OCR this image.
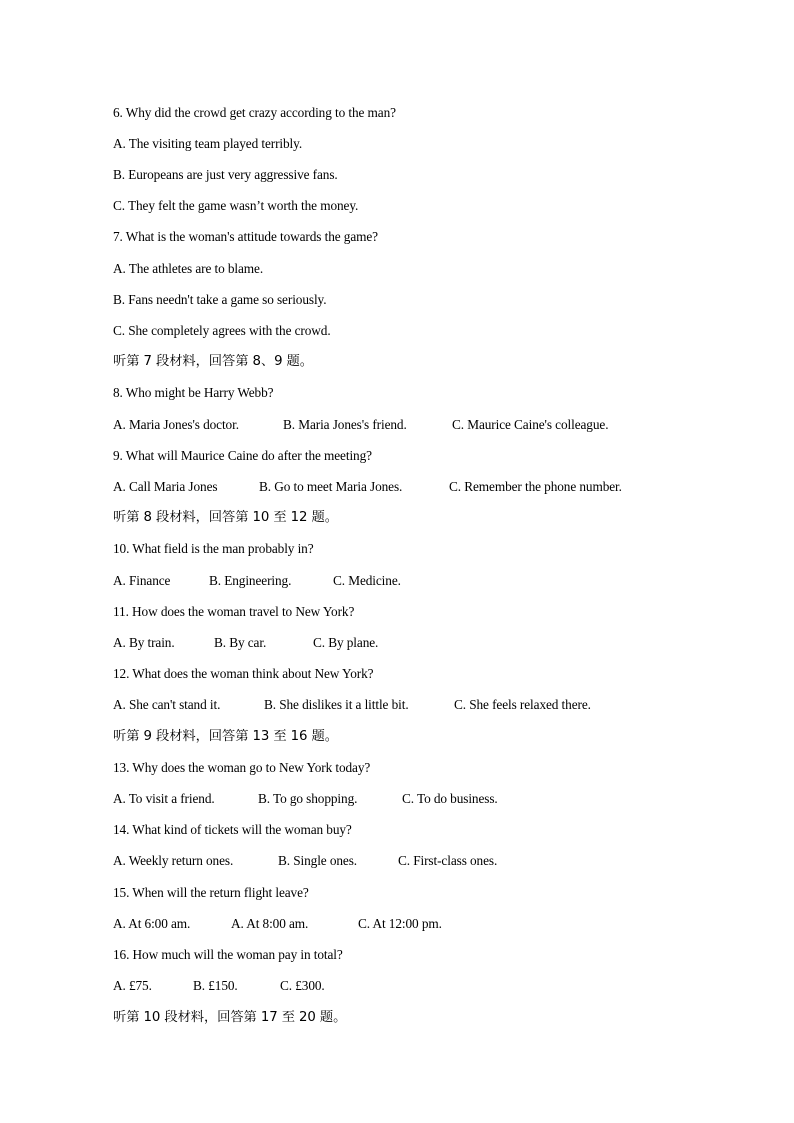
6. Why did the crowd get crazy according to the man?
A. The visiting team played terribly.
B. Europeans are just very aggressive fans.
C. They felt the game wasn’t worth the money.
7. What is the woman's attitude towards the game?
A. The athletes are to blame.
B. Fans needn't take a game so seriously.
C. She completely agrees with the crowd.
听第 7 段材料，回答第 8、9 题。
8. Who might be Harry Webb?
A. Maria Jones's doctor.	B. Maria Jones's friend.	C. Maurice Caine's colleague.
9. What will Maurice Caine do after the meeting?
A. Call Maria Jones	B. Go to meet Maria Jones.	C. Remember the phone number.
听第 8 段材料，回答第 10 至 12 题。
10. What field is the man probably in?
A. Finance	B. Engineering.	C. Medicine.
11. How does the woman travel to New York?
A. By train.	B. By car.	C. By plane.
12. What does the woman think about New York?
A. She can't stand it.	B. She dislikes it a little bit.	C. She feels relaxed there.
听第 9 段材料，回答第 13 至 16 题。
13. Why does the woman go to New York today?
A. To visit a friend.	B. To go shopping.	C. To do business.
14. What kind of tickets will the woman buy?
A. Weekly return ones.	B. Single ones.	C. First-class ones.
15. When will the return flight leave?
A. At 6:00 am.	A. At 8:00 am.	C. At 12:00 pm.
16. How much will the woman pay in total?
A. £75.	B. £150.	C. £300.
听第 10 段材料，回答第 17 至 20 题。
